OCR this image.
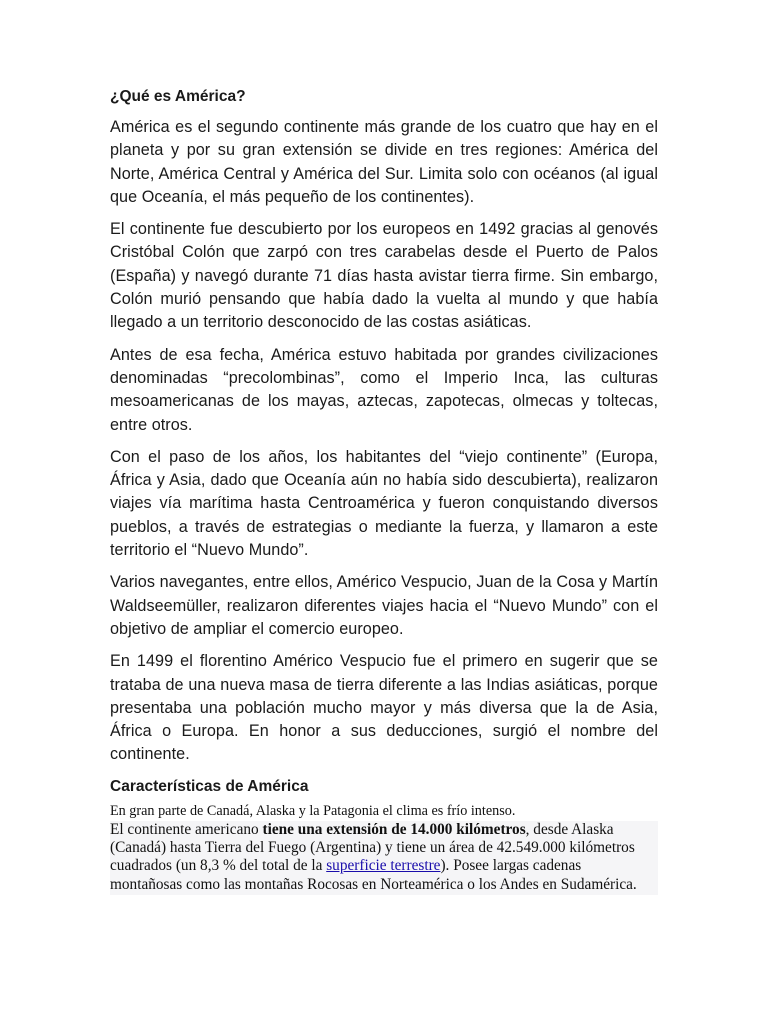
¿Qué es América?

América es el segundo continente más grande de los cuatro que hay en el planeta y por su gran extensión se divide en tres regiones: América del Norte, América Central y América del Sur. Limita solo con océanos (al igual que Oceanía, el más pequeño de los continentes).

El continente fue descubierto por los europeos en 1492 gracias al genovés Cristóbal Colón que zarpó con tres carabelas desde el Puerto de Palos (España) y navegó durante 71 días hasta avistar tierra firme. Sin embargo, Colón murió pensando que había dado la vuelta al mundo y que había llegado a un territorio desconocido de las costas asiáticas.

Antes de esa fecha, América estuvo habitada por grandes civilizaciones denominadas “precolombinas”, como el Imperio Inca, las culturas mesoamericanas de los mayas, aztecas, zapotecas, olmecas y toltecas, entre otros.

Con el paso de los años, los habitantes del “viejo continente” (Europa, África y Asia, dado que Oceanía aún no había sido descubierta), realizaron viajes vía marítima hasta Centroamérica y fueron conquistando diversos pueblos, a través de estrategias o mediante la fuerza, y llamaron a este territorio el “Nuevo Mundo”.

Varios navegantes, entre ellos, Américo Vespucio, Juan de la Cosa y Martín Waldseemüller, realizaron diferentes viajes hacia el “Nuevo Mundo” con el objetivo de ampliar el comercio europeo.

En 1499 el florentino Américo Vespucio fue el primero en sugerir que se trataba de una nueva masa de tierra diferente a las Indias asiáticas, porque presentaba una población mucho mayor y más diversa que la de Asia, África o Europa. En honor a sus deducciones, surgió el nombre del continente.

Características de América

En gran parte de Canadá, Alaska y la Patagonia el clima es frío intenso.

El continente americano tiene una extensión de 14.000 kilómetros, desde Alaska (Canadá) hasta Tierra del Fuego (Argentina) y tiene un área de 42.549.000 kilómetros cuadrados (un 8,3 % del total de la superficie terrestre). Posee largas cadenas montañosas como las montañas Rocosas en Norteamérica o los Andes en Sudamérica.
